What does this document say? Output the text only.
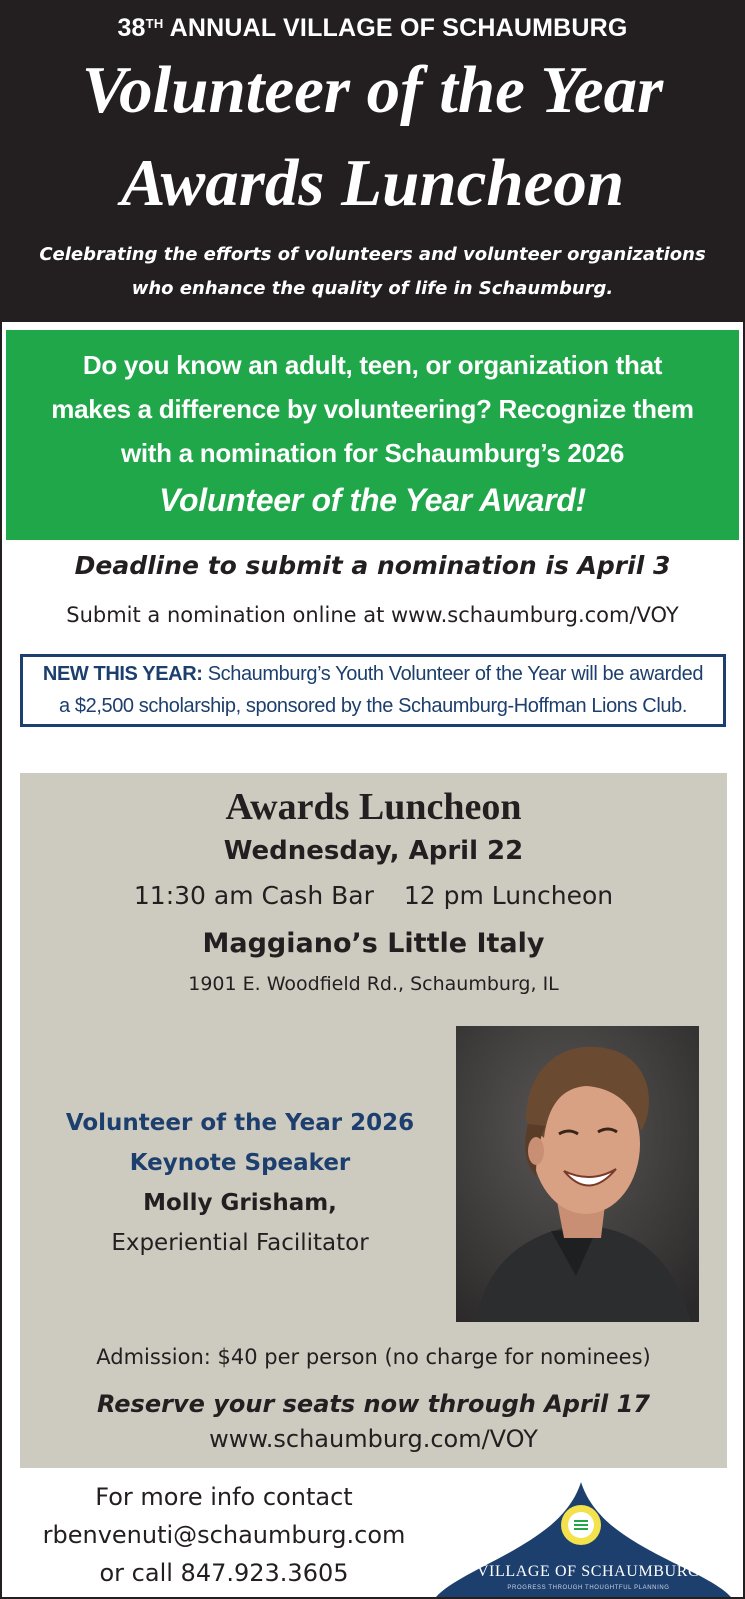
38TH ANNUAL VILLAGE OF SCHAUMBURG
Volunteer of the Year
Awards Luncheon
Celebrating the efforts of volunteers and volunteer organizations
who enhance the quality of life in Schaumburg.
Do you know an adult, teen, or organization that
makes a difference by volunteering? Recognize them
with a nomination for Schaumburg’s 2026
Volunteer of the Year Award!
Deadline to submit a nomination is April 3
Submit a nomination online at www.schaumburg.com/VOY
NEW THIS YEAR: Schaumburg’s Youth Volunteer of the Year will be awarded
a $2,500 scholarship, sponsored by the Schaumburg-Hoffman Lions Club.
Awards Luncheon
Wednesday, April 22
11:30 am Cash Bar 12 pm Luncheon
Maggiano’s Little Italy
1901 E. Woodfield Rd., Schaumburg, IL
Volunteer of the Year 2026
Keynote Speaker
Molly Grisham,
Experiential Facilitator
Admission: $40 per person (no charge for nominees)
Reserve your seats now through April 17
www.schaumburg.com/VOY
For more info contact
rbenvenuti@schaumburg.com
or call 847.923.3605	VILLAGE OF SCHAUMBURG
PROGRESS THROUGH THOUGHTFUL PLANNING
